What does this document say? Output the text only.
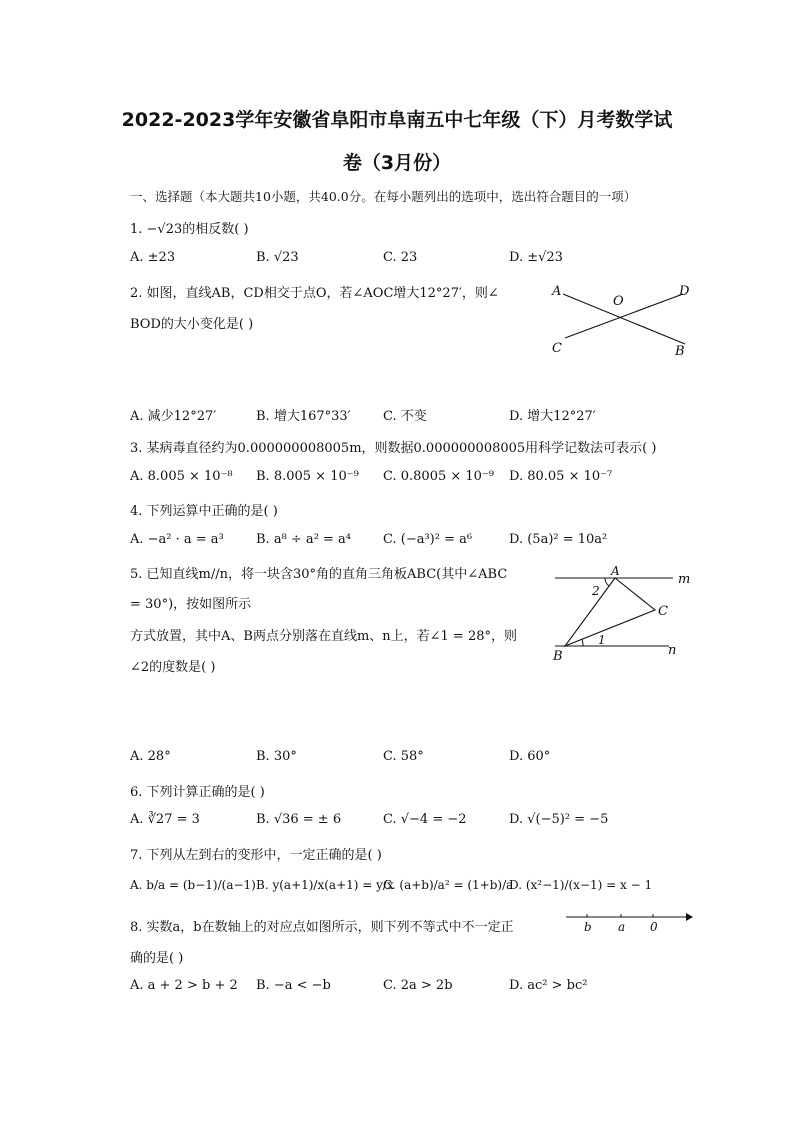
2022-2023学年安徽省阜阳市阜南五中七年级（下）月考数学试
卷（3月份）
一、选择题（本大题共10小题，共40.0分。在每小题列出的选项中，选出符合题目的一项）
1. −√23的相反数( )
A. ±23	B. √23	C. 23	D. ±√23
2. 如图，直线AB，CD相交于点O，若∠AOC增大12°27′，则∠
BOD的大小变化是( )
A
O
D
C	B
A. 减少12°27′	B. 增大167°33′ C. 不变	D. 增大12°27′
3. 某病毒直径约为0.000000008005m，则数据0.000000008005用科学记数法可表示( )
A. 8.005 × 10⁻⁸ B. 8.005 × 10⁻⁹ C. 0.8005 × 10⁻⁹ D. 80.05 × 10⁻⁷
4. 下列运算中正确的是( )
A. −a² · a = a³ B. a⁸ ÷ a² = a⁴ C. (−a³)² = a⁶	D. (5a)² = 10a²
5. 已知直线m//n，将一块含30°角的直角三角板ABC(其中∠ABC
= 30°)，按如图所示
方式放置，其中A、B两点分别落在直线m、n上，若∠1 = 28°，则
∠2的度数是( )
A
m
2
C
1
B	n
A. 28°	B. 30°	C. 58°	D. 60°
6. 下列计算正确的是( )
A. ∛27 = 3	B. √36 = ± 6	C. √−4 = −2	D. √(−5)² = −5
7. 下列从左到右的变形中，一定正确的是( )
A. b/a = (b−1)/(a−1) B. y(a+1)/x(a+1) = y/x
C. (a+b)/a² = (1+b)/a
D. (x²−1)/(x−1) = x − 1
8. 实数a，b在数轴上的对应点如图所示，则下列不等式中不一定正
确的是( )
b a 0
A. a + 2 > b + 2 B. −a < −b	C. 2a > 2b	D. ac² > bc²
